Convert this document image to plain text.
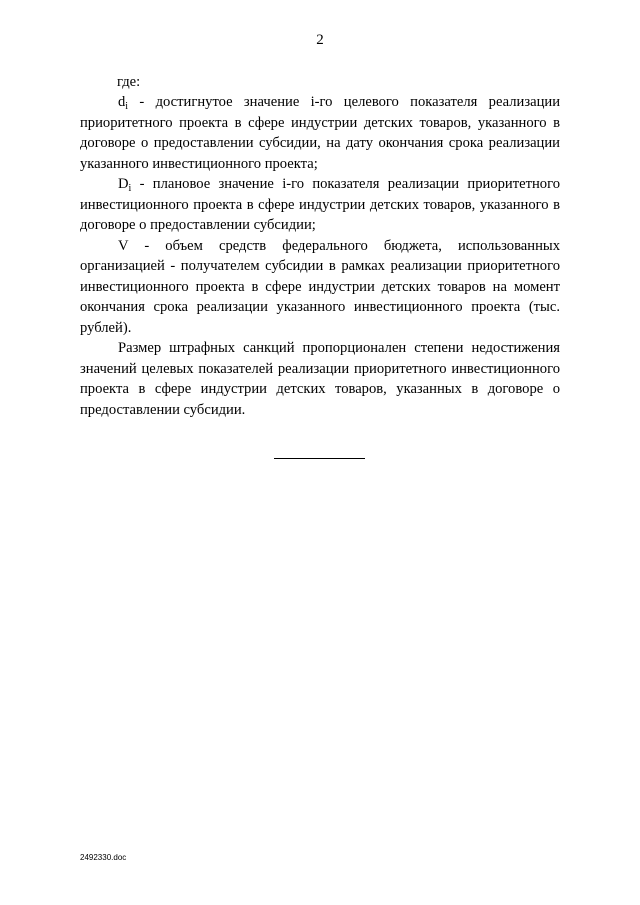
2
где:

$d_i$ - достигнутое значение i-го целевого показателя реализации приоритетного проекта в сфере индустрии детских товаров, указанного в договоре о предоставлении субсидии, на дату окончания срока реализации указанного инвестиционного проекта;

$D_i$ - плановое значение i-го показателя реализации приоритетного инвестиционного проекта в сфере индустрии детских товаров, указанного в договоре о предоставлении субсидии;

V - объем средств федерального бюджета, использованных организацией - получателем субсидии в рамках реализации приоритетного инвестиционного проекта в сфере индустрии детских товаров на момент окончания срока реализации указанного инвестиционного проекта (тыс. рублей).

Размер штрафных санкций пропорционален степени недостижения значений целевых показателей реализации приоритетного инвестиционного проекта в сфере индустрии детских товаров, указанных в договоре о предоставлении субсидии.

2492330.doc
